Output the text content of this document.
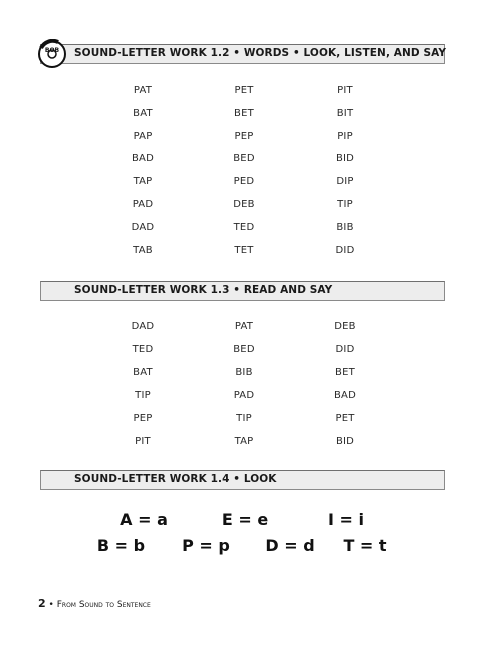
BOB SOUND-LETTER WORK 1.2 • WORDS • LOOK, LISTEN, AND SAY
PAT
BAT
PAP
BAD
TAP
PAD
DAD
TAB
PET
BET
PEP
BED
PED
DEB
TED
TET
PIT
BIT
PIP
BID
DIP
TIP
BIB
DID
SOUND-LETTER WORK 1.3 • READ AND SAY
DAD
TED
BAT
TIP
PEP
PIT
PAT
BED
BIB
PAD
TIP
TAP
DEB
DID
BET
BAD
PET
BID
SOUND-LETTER WORK 1.4 • LOOK
A = a	E = e	I = i
B = b P = p D = d T = t
2 • From Sound to Sentence
